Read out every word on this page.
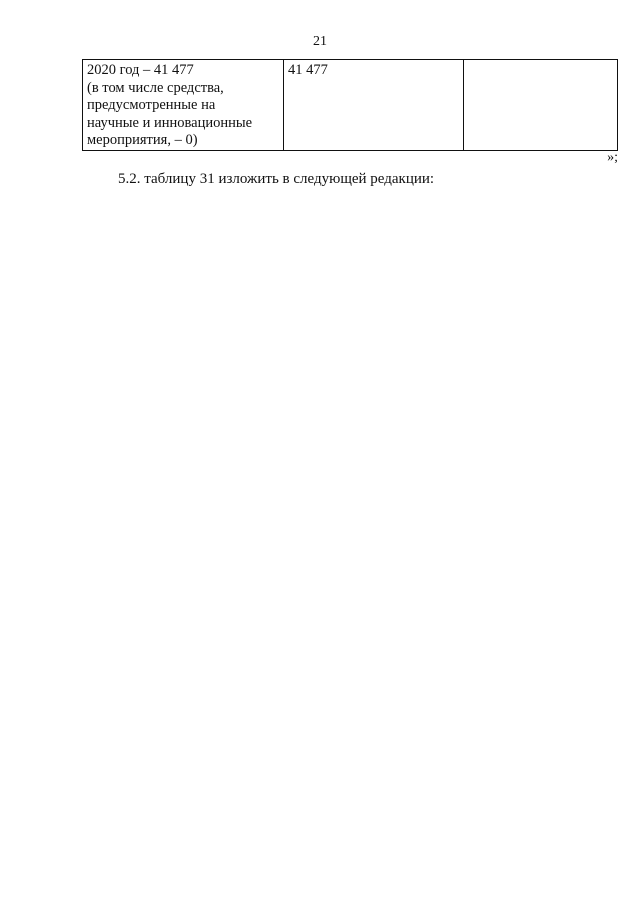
21
2020 год – 41 477
(в том числе средства,
предусмотренные на
научные и инновационные
мероприятия, – 0)
	41 477	
»;
5.2. таблицу 31 изложить в следующей редакции:
